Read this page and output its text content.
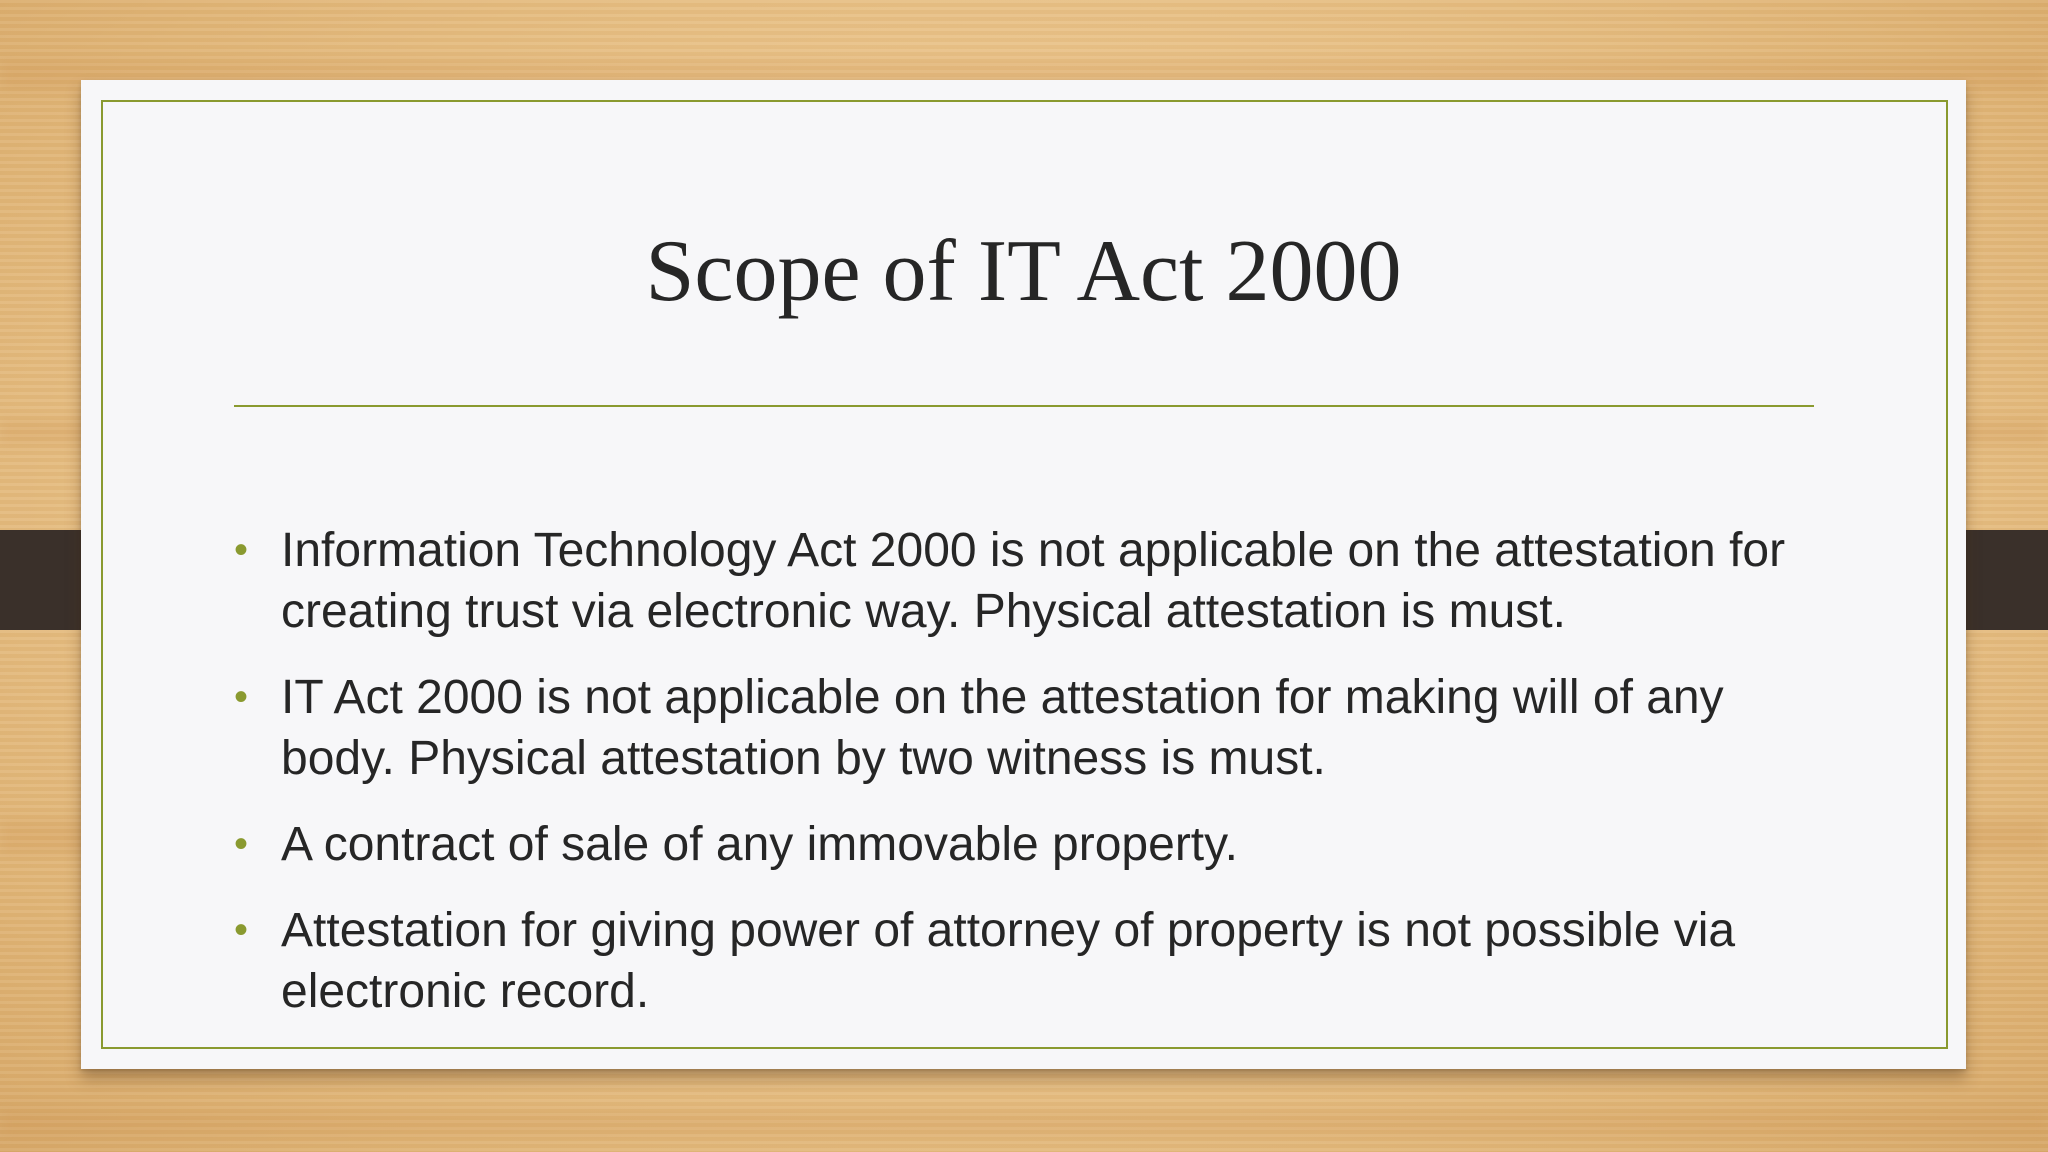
Scope of IT Act 2000
• Information Technology Act 2000 is not applicable on the attestation for creating trust via electronic way. Physical attestation is must.
• IT Act 2000 is not applicable on the attestation for making will of any body. Physical attestation by two witness is must.
• A contract of sale of any immovable property.
• Attestation for giving power of attorney of property is not possible via electronic record.
